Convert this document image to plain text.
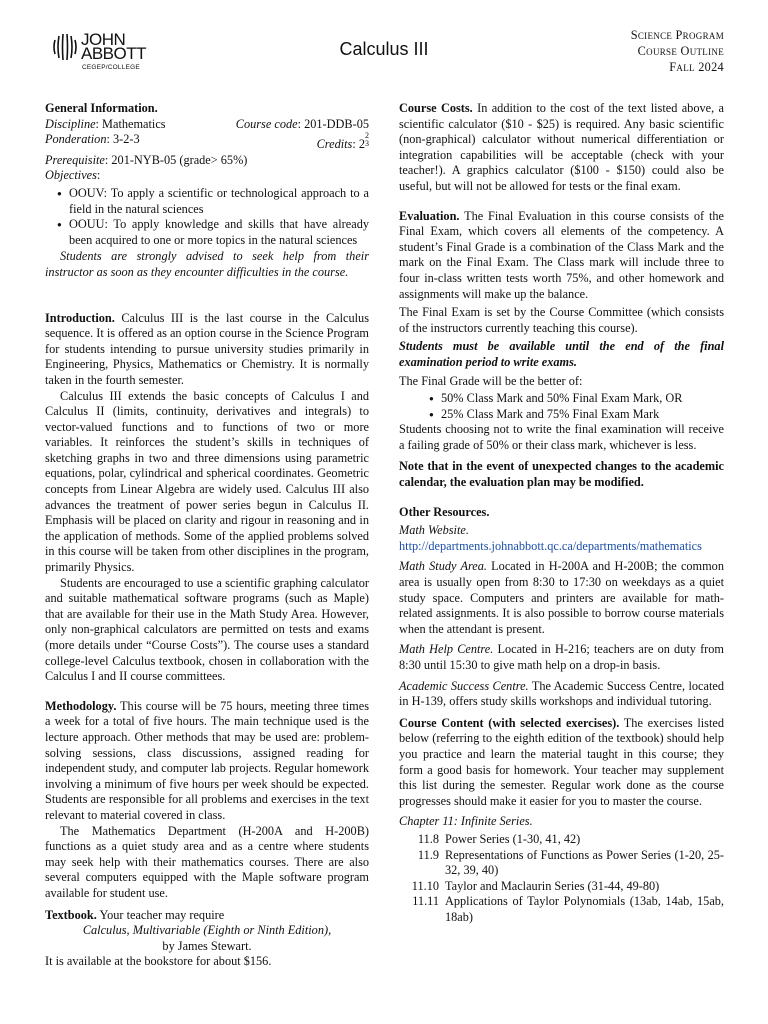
JOHN
ABBOTT
CEGEP/COLLEGE
Calculus III
Science Program
Course Outline
Fall 2024
General Information.
Discipline: Mathematics	Course code: 201-DDB-05
Ponderation: 3-2-3	Credits: 22
3
Prerequisite: 201-NYB-05 (grade> 65%)
Objectives:
● OOUV: To apply a scientific or technological approach to a field in the natural sciences
● OOUU: To apply knowledge and skills that have already been acquired to one or more topics in the natural sciences

Students are strongly advised to seek help from their instructor as soon as they encounter difficulties in the course.

Introduction. Calculus III is the last course in the Calculus sequence. It is offered as an option course in the Science Program for students intending to pursue university studies primarily in Engineering, Physics, Mathematics or Chemistry. It is normally taken in the fourth semester.

Calculus III extends the basic concepts of Calculus I and Calculus II (limits, continuity, derivatives and integrals) to vector-valued functions and to functions of two or more variables. It reinforces the student’s skills in techniques of sketching graphs in two and three dimensions using parametric equations, polar, cylindrical and spherical coordinates. Geometric concepts from Linear Algebra are widely used. Calculus III also advances the treatment of power series begun in Calculus II. Emphasis will be placed on clarity and rigour in reasoning and in the application of methods. Some of the applied problems solved in this course will be taken from other disciplines in the program, primarily Physics.

Students are encouraged to use a scientific graphing calculator and suitable mathematical software programs (such as Maple) that are available for their use in the Math Study Area. However, only non-graphical calculators are permitted on tests and exams (more details under “Course Costs”). The course uses a standard college-level Calculus textbook, chosen in collaboration with the Calculus I and II course committees.

Methodology. This course will be 75 hours, meeting three times a week for a total of five hours. The main technique used is the lecture approach. Other methods that may be used are: problem-solving sessions, class discussions, assigned reading for independent study, and computer lab projects. Regular homework involving a minimum of five hours per week should be expected. Students are responsible for all problems and exercises in the text relevant to material covered in class.

The Mathematics Department (H-200A and H-200B) functions as a quiet study area and as a centre where students may seek help with their mathematics courses. There are also several computers equipped with the Maple software program available for student use.

Textbook. Your teacher may require

Calculus, Multivariable (Eighth or Ninth Edition),
by James Stewart.

It is available at the bookstore for about $156.

Course Costs. In addition to the cost of the text listed above, a scientific calculator ($10 - $25) is required. Any basic scientific (non-graphical) calculator without numerical differentiation or integration capabilities will be acceptable (check with your teacher!). A graphics calculator ($100 - $150) could also be useful, but will not be allowed for tests or the final exam.

Evaluation. The Final Evaluation in this course consists of the Final Exam, which covers all elements of the competency. A student’s Final Grade is a combination of the Class Mark and the mark on the Final Exam. The Class mark will include three to four in-class written tests worth 75%, and other homework and assignments will make up the balance.

The Final Exam is set by the Course Committee (which consists of the instructors currently teaching this course).

Students must be available until the end of the final examination period to write exams.

The Final Grade will be the better of:

● 50% Class Mark and 50% Final Exam Mark, OR
● 25% Class Mark and 75% Final Exam Mark

Students choosing not to write the final examination will receive a failing grade of 50% or their class mark, whichever is less.

Note that in the event of unexpected changes to the academic calendar, the evaluation plan may be modified.

Other Resources.
Math Website.
http://departments.johnabbott.qc.ca/departments/mathematics

Math Study Area. Located in H-200A and H-200B; the common area is usually open from 8:30 to 17:30 on weekdays as a quiet study space. Computers and printers are available for math-related assignments. It is also possible to borrow course materials when the attendant is present.

Math Help Centre. Located in H-216; teachers are on duty from 8:30 until 15:30 to give math help on a drop-in basis.

Academic Success Centre. The Academic Success Centre, located in H-139, offers study skills workshops and individual tutoring.

Course Content (with selected exercises). The exercises listed below (referring to the eighth edition of the textbook) should help you practice and learn the material taught in this course; they form a good basis for homework. Your teacher may supplement this list during the semester. Regular work done as the course progresses should make it easier for you to master the course.

Chapter 11: Infinite Series.
11.8 Power Series (1-30, 41, 42)
11.9 Representations of Functions as Power Series (1-20, 25-32, 39, 40)
11.10 Taylor and Maclaurin Series (31-44, 49-80)
11.11 Applications of Taylor Polynomials (13ab, 14ab, 15ab, 18ab)
